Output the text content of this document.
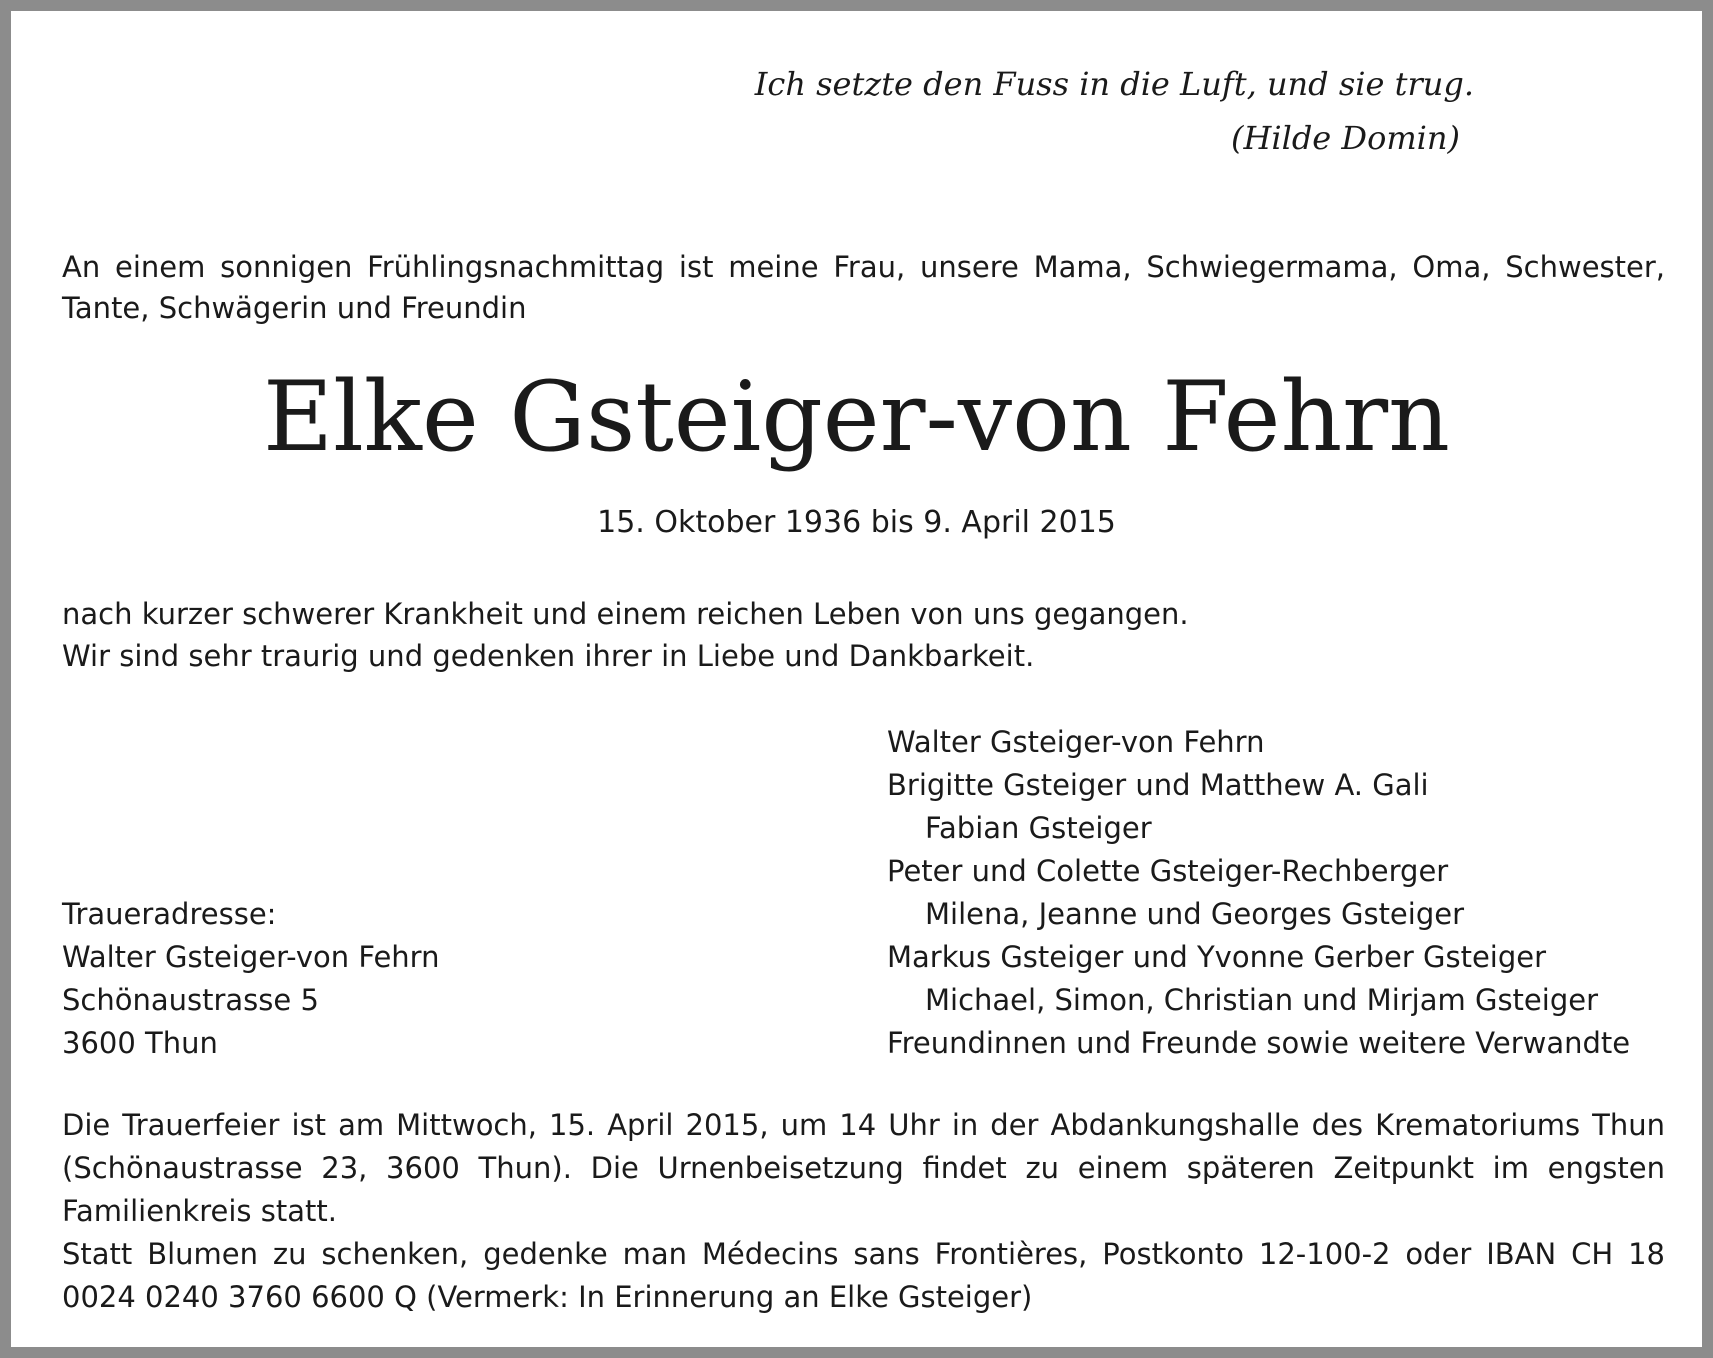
Ich setzte den Fuss in die Luft, und sie trug.
(Hilde Domin)
An einem sonnigen Frühlingsnachmittag ist meine Frau, unsere Mama, Schwiegermama, Oma, Schwester, Tante, Schwägerin und Freundin
Elke Gsteiger-von Fehrn
15. Oktober 1936 bis 9. April 2015
nach kurzer schwerer Krankheit und einem reichen Leben von uns gegangen.
Wir sind sehr traurig und gedenken ihrer in Liebe und Dankbarkeit.
Traueradresse:
Walter Gsteiger-von Fehrn
Schönaustrasse 5
3600 Thun
Walter Gsteiger-von Fehrn
Brigitte Gsteiger und Matthew A. Gali
Fabian Gsteiger
Peter und Colette Gsteiger-Rechberger
Milena, Jeanne und Georges Gsteiger
Markus Gsteiger und Yvonne Gerber Gsteiger
Michael, Simon, Christian und Mirjam Gsteiger
Freundinnen und Freunde sowie weitere Verwandte

Die Trauerfeier ist am Mittwoch, 15. April 2015, um 14 Uhr in der Abdankungshalle des Krematoriums Thun (Schönaustrasse 23, 3600 Thun). Die Urnenbeisetzung findet zu einem späteren Zeitpunkt im engsten Familienkreis statt.

Statt Blumen zu schenken, gedenke man Médecins sans Frontières, Postkonto 12-100-2 oder IBAN CH 18 0024 0240 3760 6600 Q (Vermerk: In Erinnerung an Elke Gsteiger)
